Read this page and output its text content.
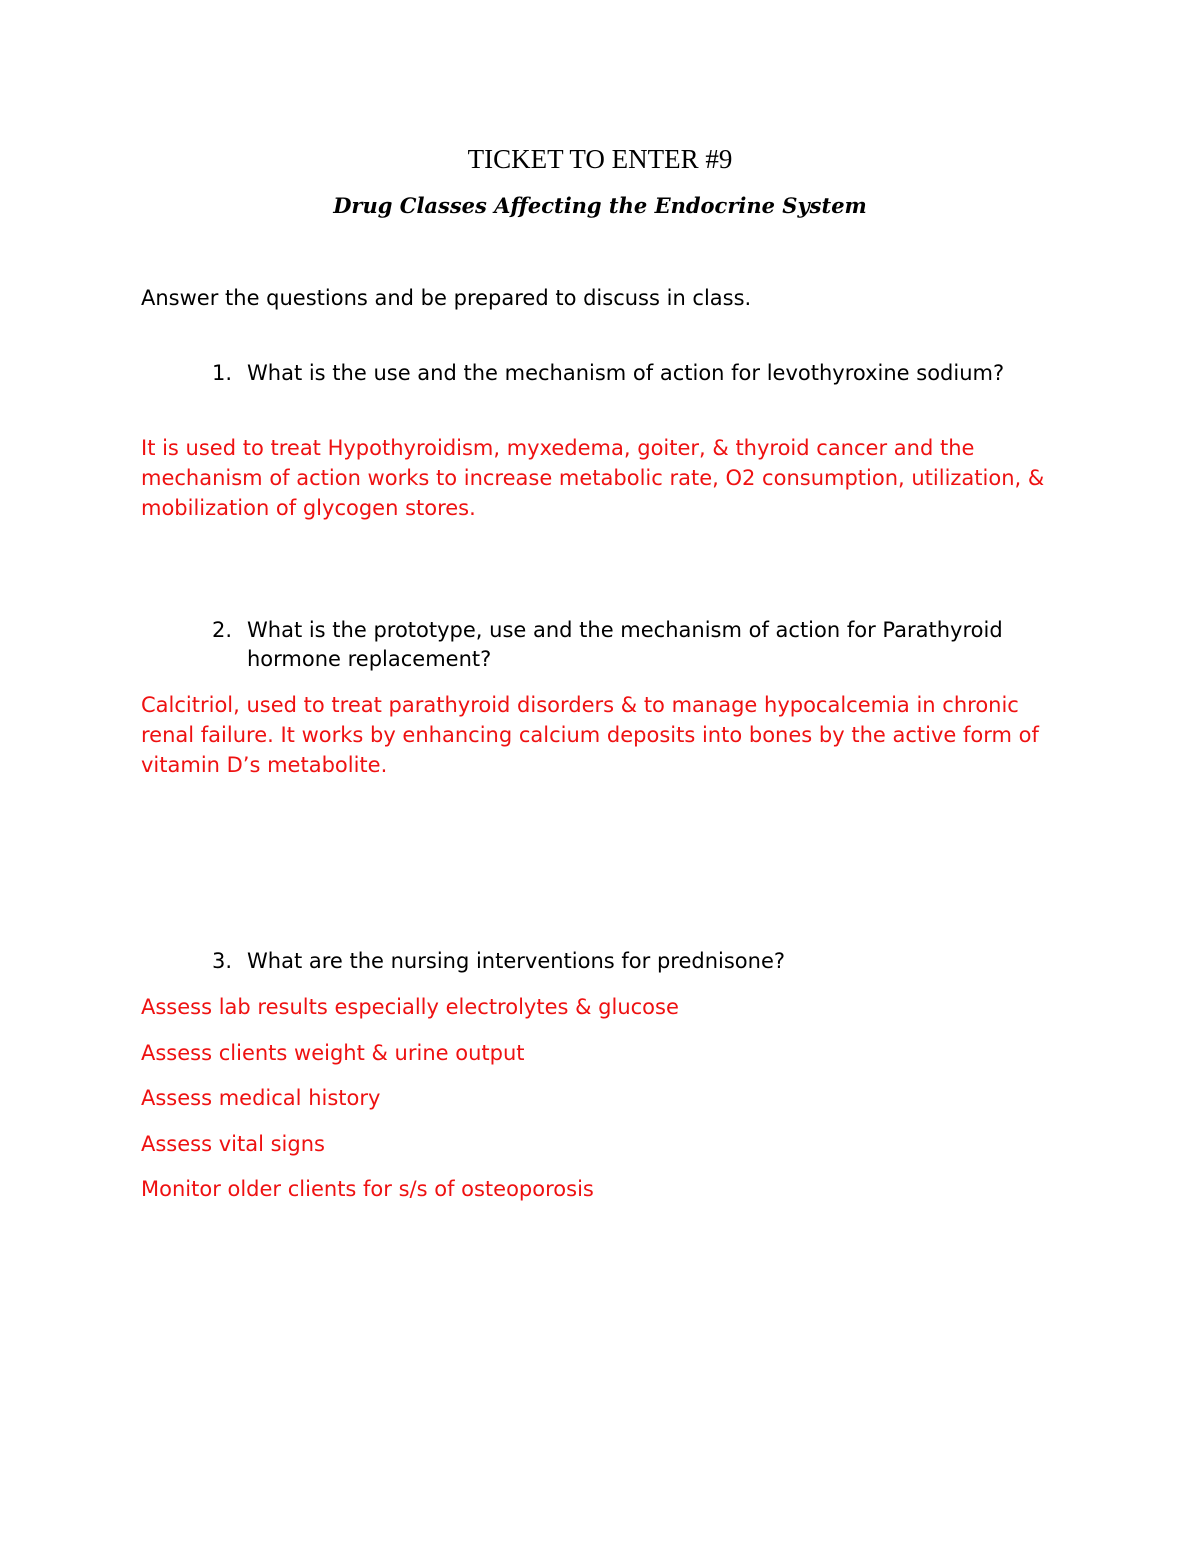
TICKET TO ENTER #9
Drug Classes Affecting the Endocrine System

Answer the questions and be prepared to discuss in class.

1. What is the use and the mechanism of action for levothyroxine sodium?

It is used to treat Hypothyroidism, myxedema, goiter, & thyroid cancer and the mechanism of action works to increase metabolic rate, O2 consumption, utilization, & mobilization of glycogen stores.

2. What is the prototype, use and the mechanism of action for Parathyroid hormone replacement?

Calcitriol, used to treat parathyroid disorders & to manage hypocalcemia in chronic renal failure. It works by enhancing calcium deposits into bones by the active form of vitamin D’s metabolite.

3. What are the nursing interventions for prednisone?
Assess lab results especially electrolytes & glucose
Assess clients weight & urine output
Assess medical history
Assess vital signs
Monitor older clients for s/s of osteoporosis
